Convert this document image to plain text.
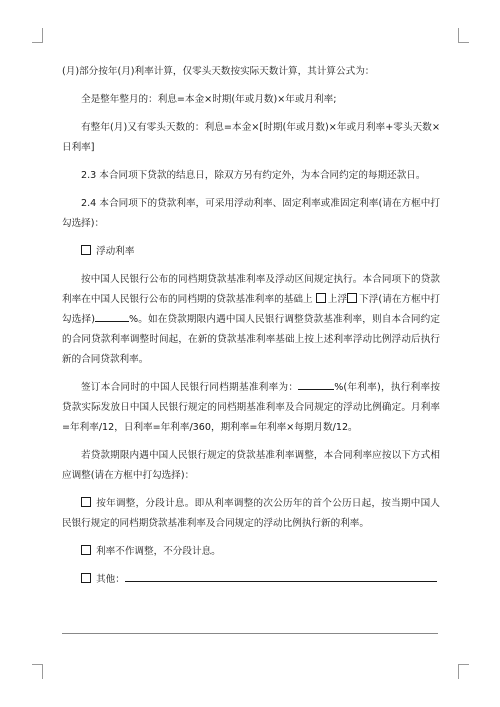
(月)部分按年(月)利率计算，仅零头天数按实际天数计算，其计算公式为：

全是整年整月的：利息=本金×时期(年或月数)×年或月利率;

有整年(月)又有零头天数的：利息=本金×[时期(年或月数)×年或月利率+零头天数×日利率]

2.3 本合同项下贷款的结息日，除双方另有约定外，为本合同约定的每期还款日。

2.4 本合同项下的贷款利率，可采用浮动利率、固定利率或准固定利率(请在方框中打勾选择)：

浮动利率

按中国人民银行公布的同档期贷款基准利率及浮动区间规定执行。本合同项下的贷款利率在中国人民银行公布的同档期的贷款基准利率的基础上 上浮 下浮(请在方框中打勾选择)	%。如在贷款期限内遇中国人民银行调整贷款基准利率，则自本合同约定的合同贷款利率调整时间起，在新的贷款基准利率基础上按上述利率浮动比例浮动后执行新的合同贷款利率。

签订本合同时的中国人民银行同档期基准利率为：	%(年利率)，执行利率按贷款实际发放日中国人民银行规定的同档期基准利率及合同规定的浮动比例确定。月利率=年利率/12，日利率=年利率/360，期利率=年利率×每期月数/12。

若贷款期限内遇中国人民银行规定的贷款基准利率调整，本合同利率应按以下方式相应调整(请在方框中打勾选择)：

按年调整，分段计息。即从利率调整的次公历年的首个公历日起，按当期中国人民银行规定的同档期贷款基准利率及合同规定的浮动比例执行新的利率。

利率不作调整，不分段计息。

其他：
